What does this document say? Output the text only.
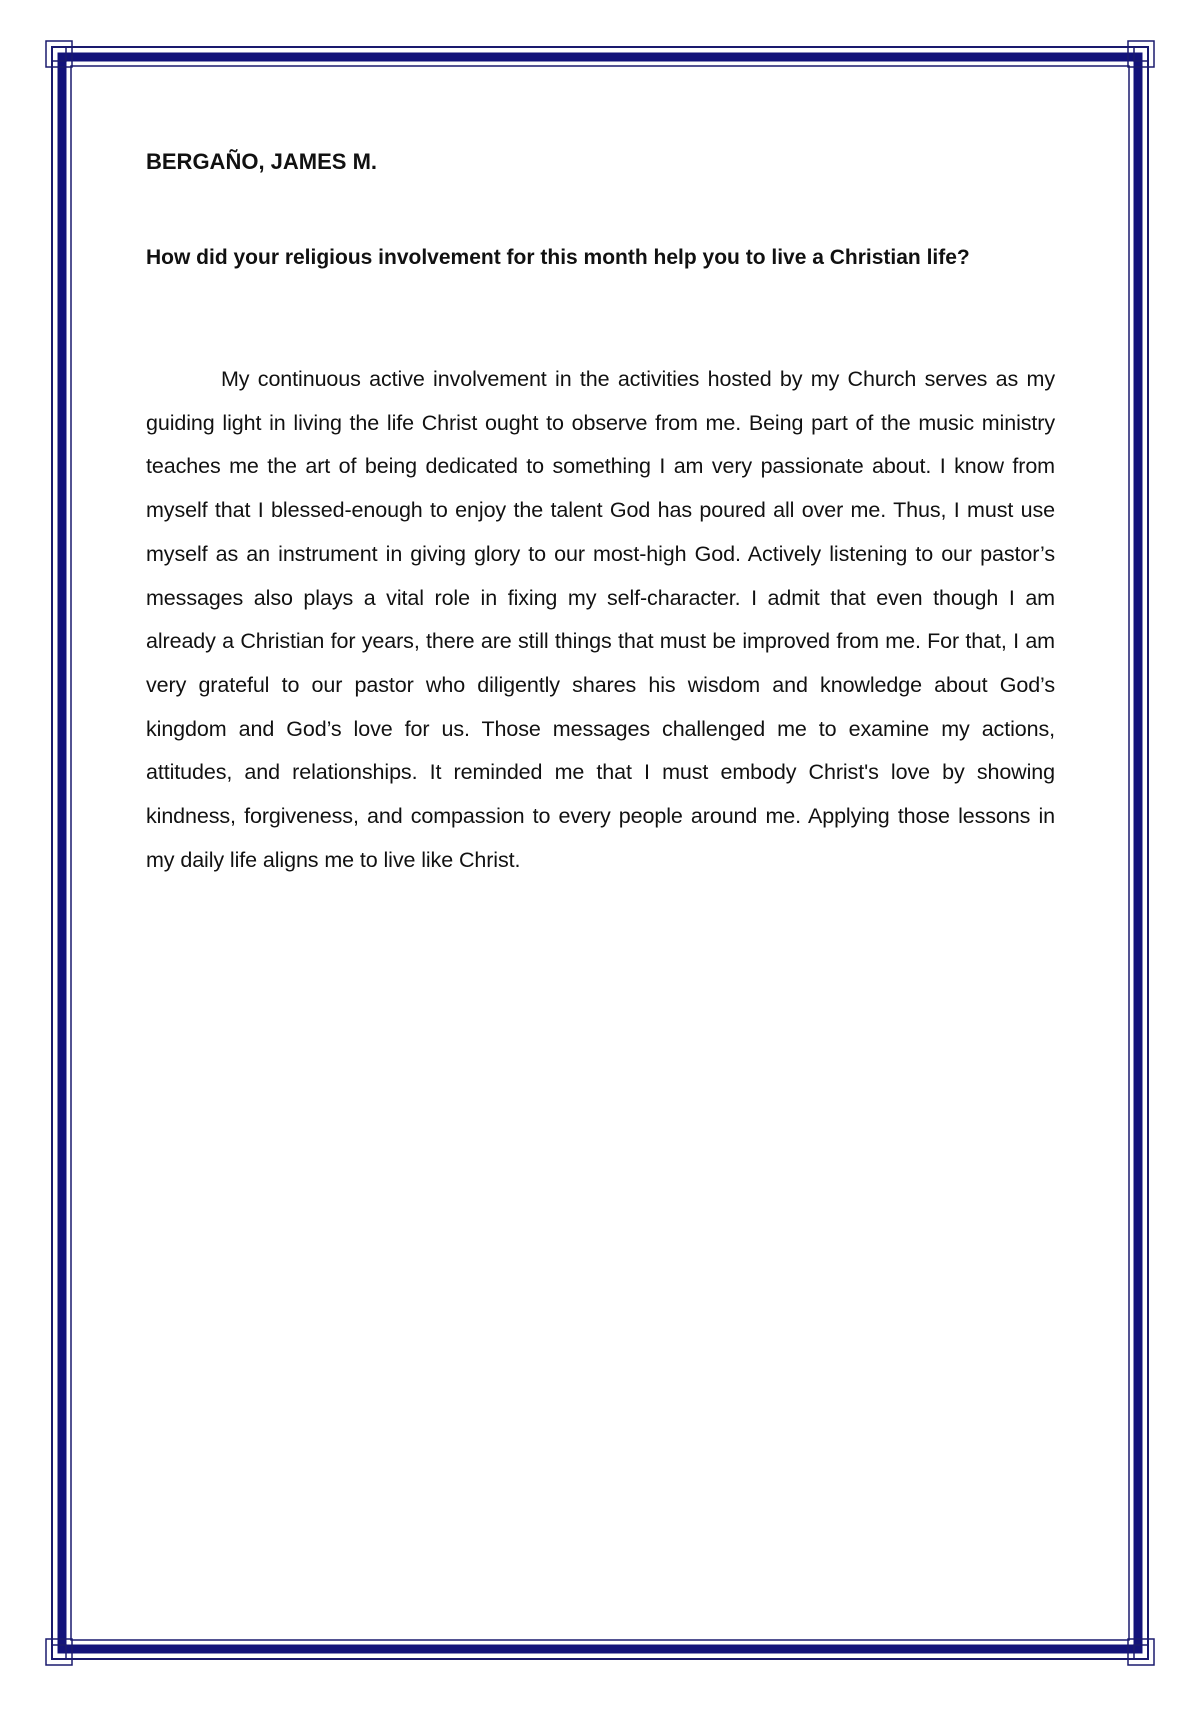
BERGAÑO, JAMES M.

How did your religious involvement for this month help you to live a Christian life?

My continuous active involvement in the activities hosted by my Church serves as my guiding light in living the life Christ ought to observe from me. Being part of the music ministry teaches me the art of being dedicated to something I am very passionate about. I know from myself that I blessed-enough to enjoy the talent God has poured all over me. Thus, I must use myself as an instrument in giving glory to our most-high God. Actively listening to our pastor’s messages also plays a vital role in fixing my self-character. I admit that even though I am already a Christian for years, there are still things that must be improved from me. For that, I am very grateful to our pastor who diligently shares his wisdom and knowledge about God’s kingdom and God’s love for us. Those messages challenged me to examine my actions, attitudes, and relationships. It reminded me that I must embody Christ's love by showing kindness, forgiveness, and compassion to every people around me. Applying those lessons in my daily life aligns me to live like Christ.
